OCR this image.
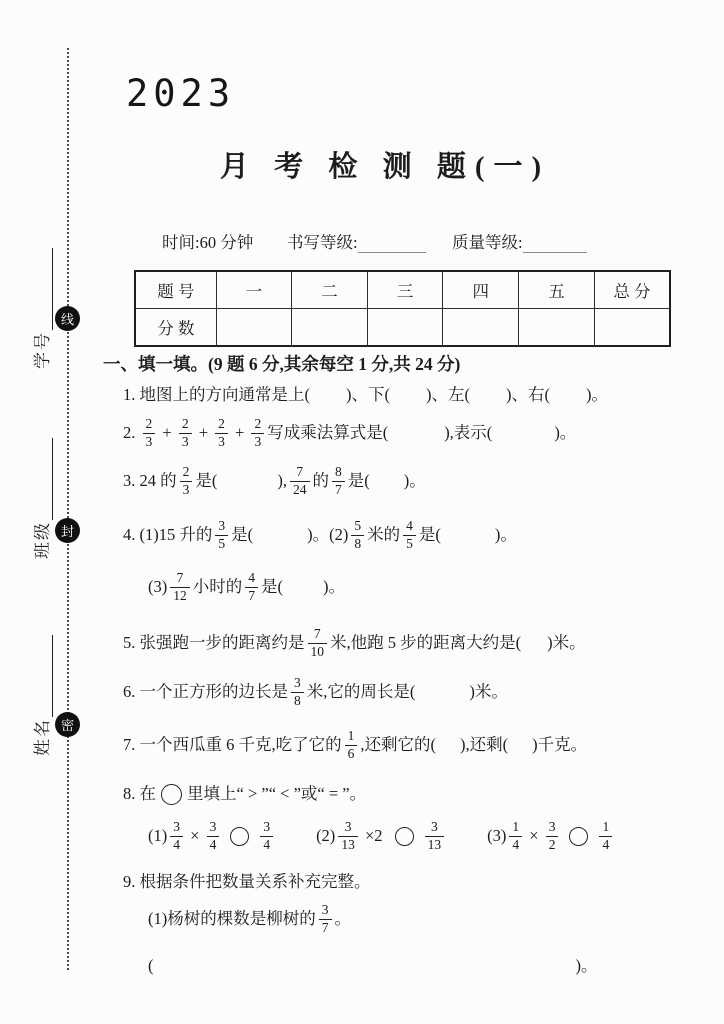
学号
班级
姓名
线
封
密
2023
月 考 检 测 题(一)
时间:60 分钟 书写等级:	质量等级:
题 号	一	二	三	四	五	总 分
分 数						
一、填一填。(9 题 6 分,其余每空 1 分,共 24 分)
1. 地图上的方向通常是上( )、下( )、左( )、右( )。
2. $\frac{2}{3} + \frac{2}{3} + \frac{2}{3} + \frac{2}{3}$ 写成乘法算式是(	),表示(	)。
3. 24 的 $\frac{2}{3}$ 是(	), $\frac{7}{24}$ 的 $\frac{8}{7}$ 是( )。
4. (1)15 升的 $\frac{3}{5}$ 是(	)。$(2) \frac{5}{8}$ 米的 $\frac{4}{5}$ 是(	)。
$(3) \frac{7}{12}$ 小时的 $\frac{4}{7}$ 是( )。
5. 张强跑一步的距离约是 $\frac{7}{10}$ 米,他跑 5 步的距离大约是( )米。
6. 一个正方形的边长是 $\frac{3}{8}$ 米,它的周长是(	)米。
7. 一个西瓜重 6 千克,吃了它的 $\frac{1}{6}$ ,还剩它的( ),还剩( )千克。
8. 在 里填上“ > ”“ < ”或“ = ”。
$(1) \frac{3}{4} \times \frac{3}{4}$	$\frac{3}{4}$	$(2) \frac{3}{13} \times 2$	$\frac{3}{13}$	$(3) \frac{1}{4} \times \frac{3}{2}$	$\frac{1}{4}$
9. 根据条件把数量关系补充完整。
(1)杨树的棵数是柳树的 $\frac{3}{7}$ 。
(	)。
